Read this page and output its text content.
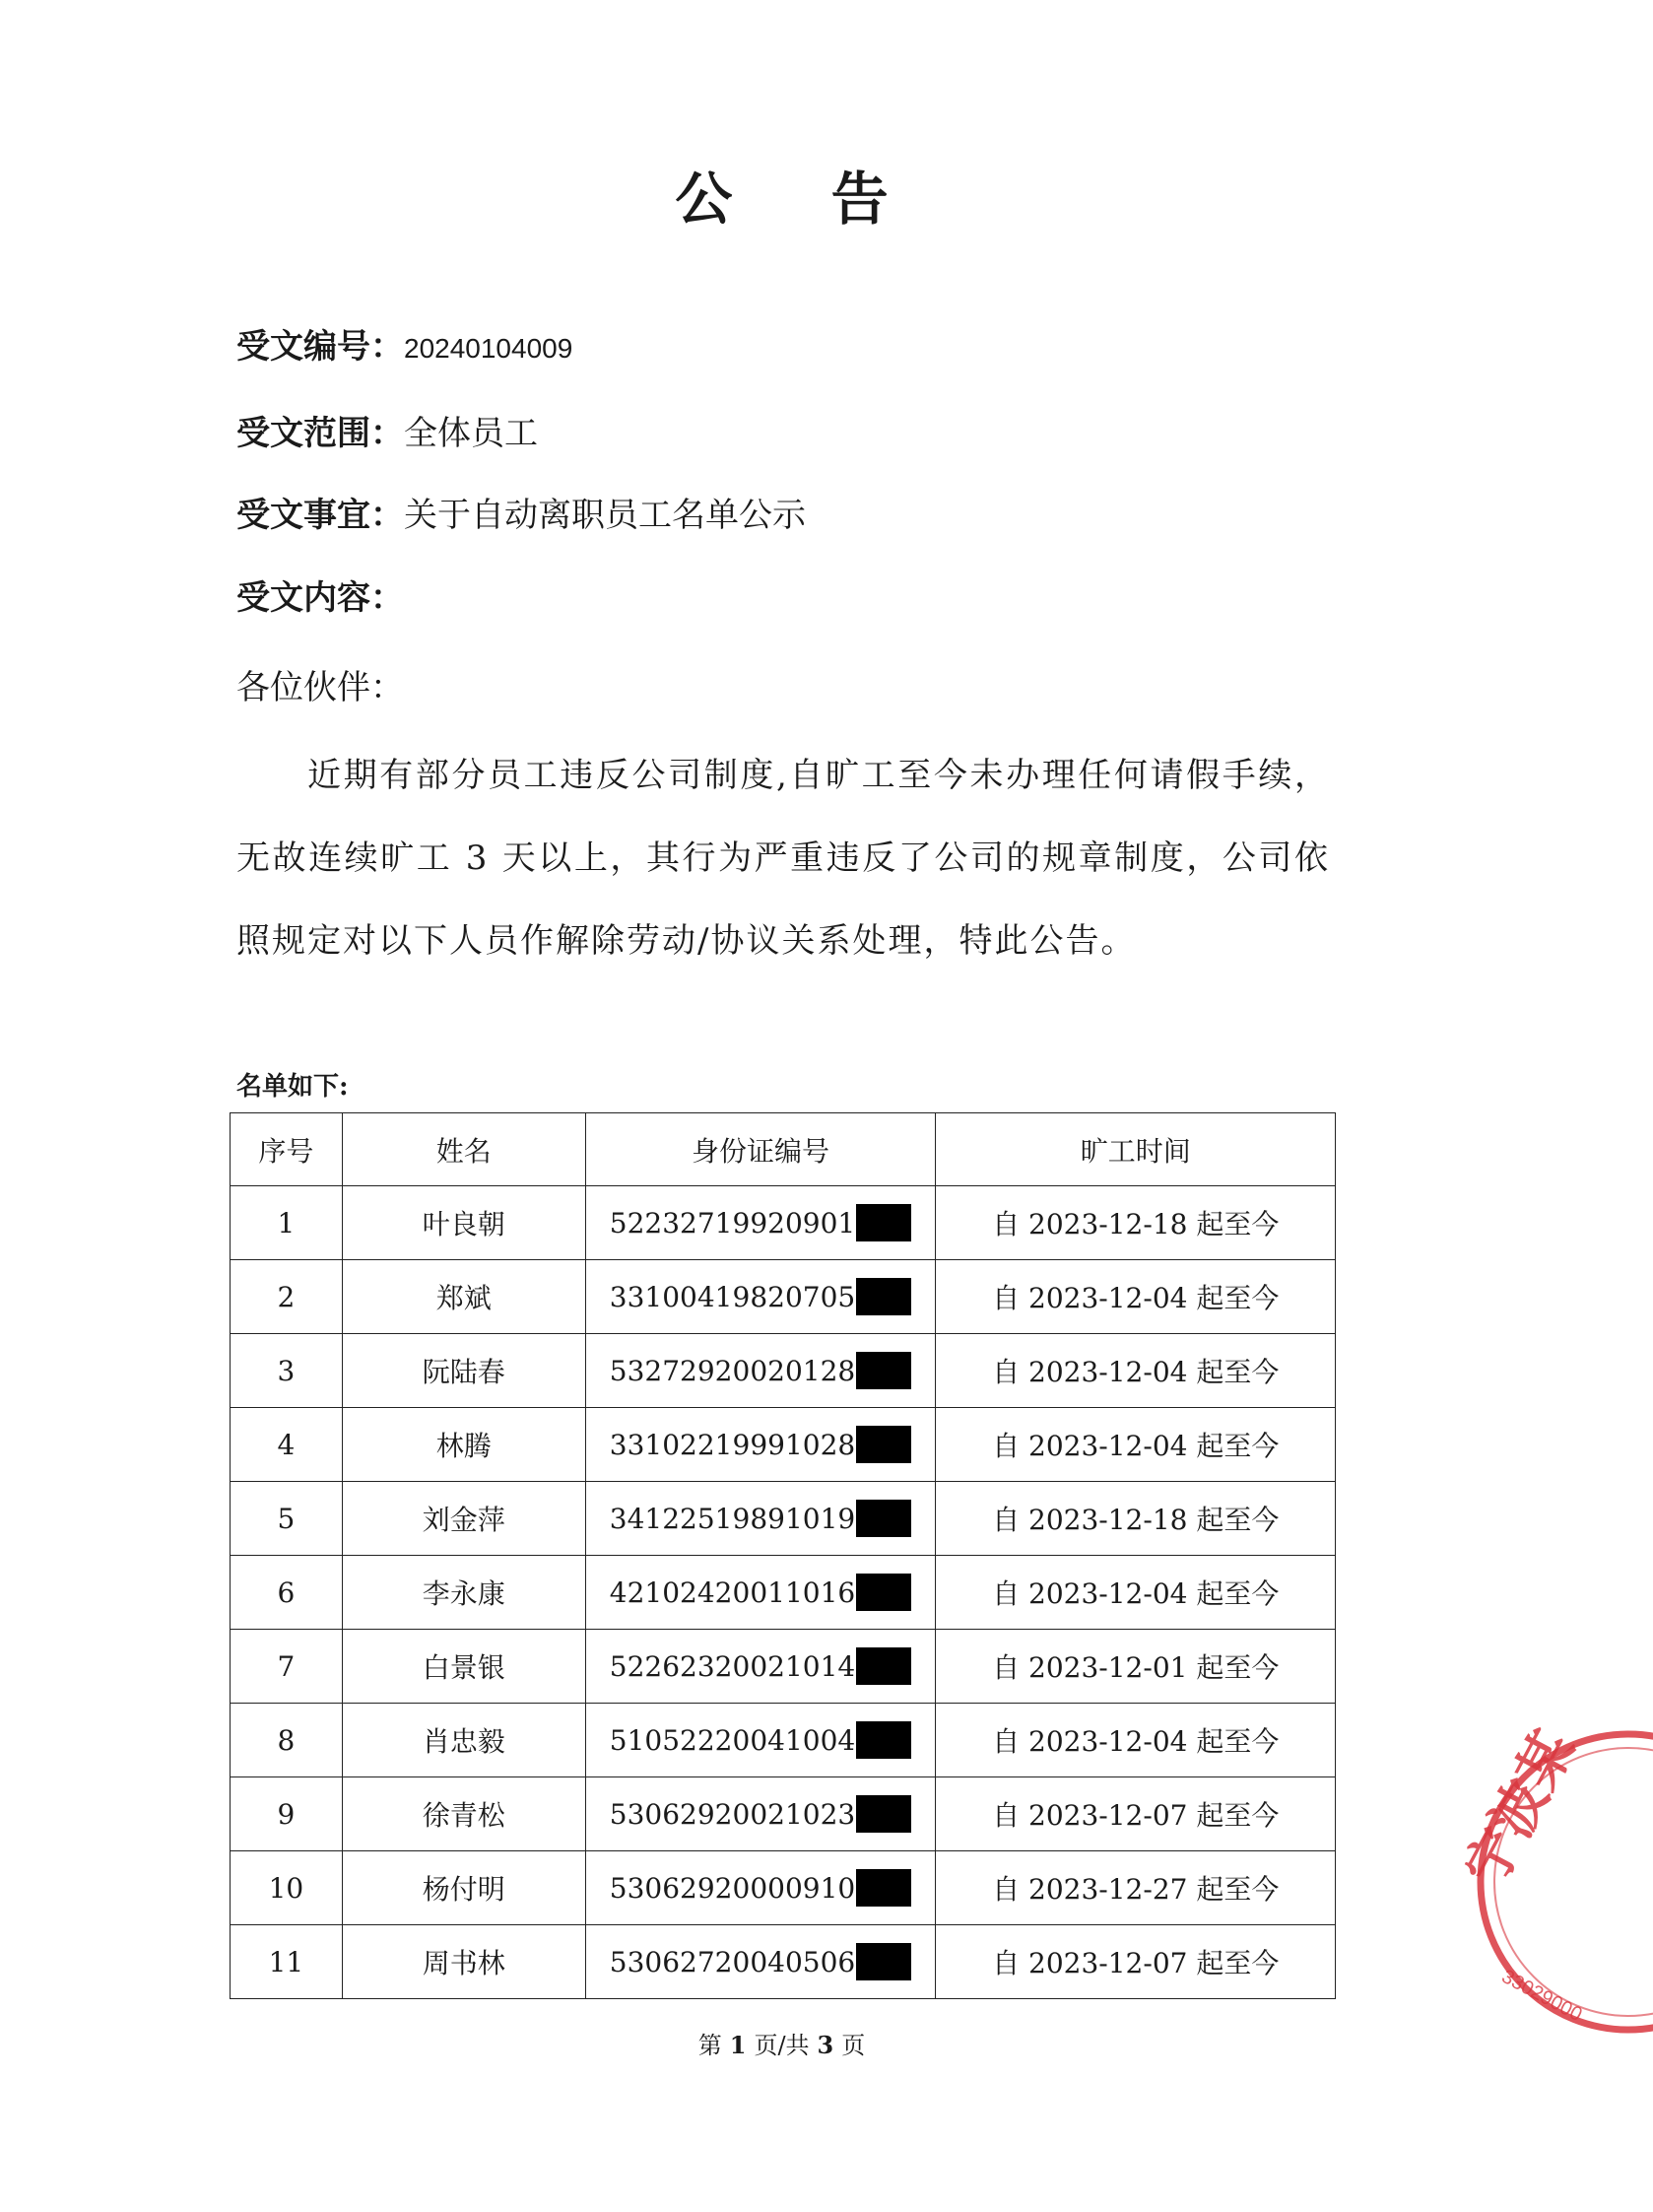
公 告
受文编号：20240104009
受文范围：全体员工
受文事宜：关于自动离职员工名单公示
受文内容：
各位伙伴：
近期有部分员工违反公司制度,自旷工至今未办理任何请假手续，无故连续旷工 3 天以上，其行为严重违反了公司的规章制度，公司依照规定对以下人员作解除劳动/协议关系处理，特此公告。
名单如下:
序号	姓名	身份证编号	旷工时间
1	叶良朝	52232719920901	自 2023-12-18 起至今
2	郑斌	33100419820705	自 2023-12-04 起至今
3	阮陆春	53272920020128	自 2023-12-04 起至今
4	林腾	33102219991028	自 2023-12-04 起至今
5	刘金萍	34122519891019	自 2023-12-18 起至今
6	李永康	42102420011016	自 2023-12-04 起至今
7	白景银	52262320021014	自 2023-12-01 起至今
8	肖忠毅	51052220041004	自 2023-12-04 起至今
9	徐青松	53062920021023	自 2023-12-07 起至今
10	杨付明	53062920000910	自 2023-12-27 起至今
11	周书林	53062720040506	自 2023-12-07 起至今
第 1 页/共 3 页
宁波某
33029000
